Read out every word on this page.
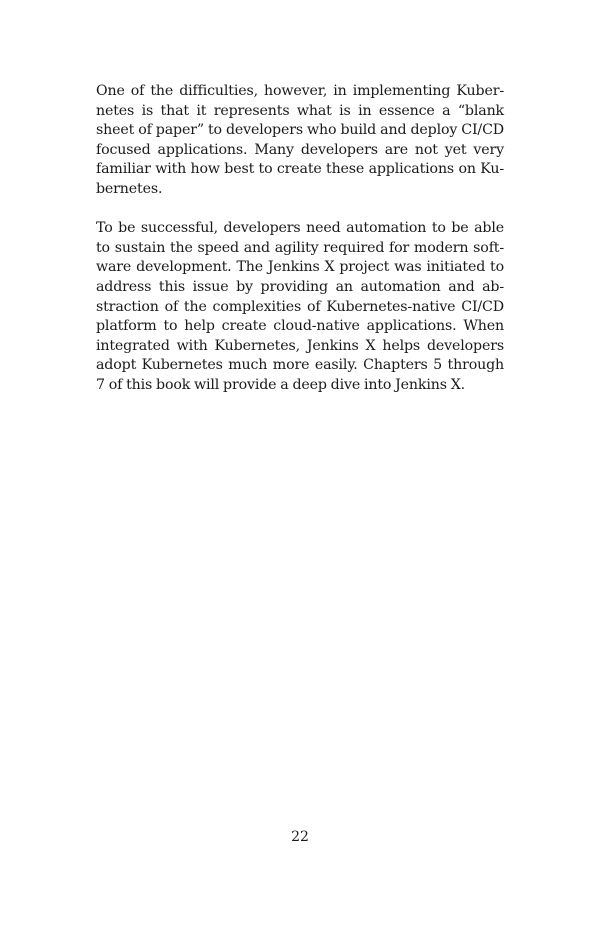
One of the difficulties, however, in implementing Kuber-
netes is that it represents what is in essence a “blank
sheet of paper” to developers who build and deploy CI/CD
focused applications. Many developers are not yet very
familiar with how best to create these applications on Ku-
bernetes.

To be successful, developers need automation to be able
to sustain the speed and agility required for modern soft-
ware development. The Jenkins X project was initiated to
address this issue by providing an automation and ab-
straction of the complexities of Kubernetes-native CI/CD
platform to help create cloud-native applications. When
integrated with Kubernetes, Jenkins X helps developers
adopt Kubernetes much more easily. Chapters 5 through
7 of this book will provide a deep dive into Jenkins X.

22
